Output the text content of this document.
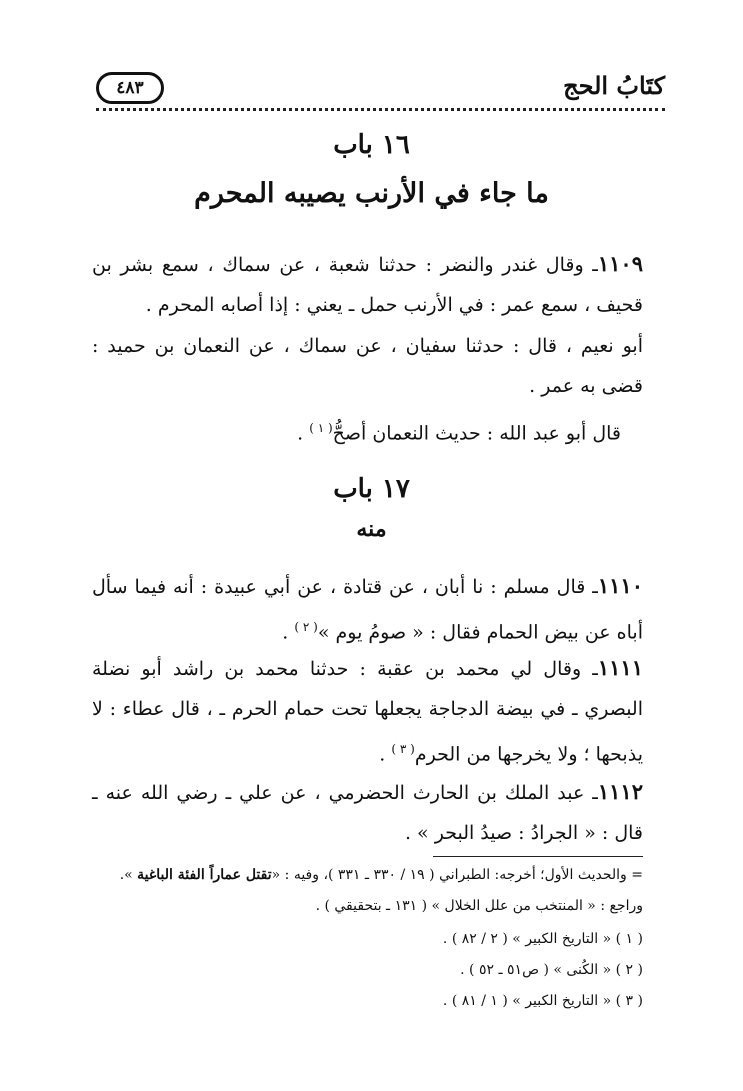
كتَابُ الحج
٤٨٣
١٦ باب
ما جاء في الأرنب يصيبه المحرم
١١٠٩ـ وقال غندر والنضر : حدثنا شعبة ، عن سماك ، سمع بشر بن قحيف ، سمع عمر : في الأرنب حمل ـ يعني : إذا أصابه المحرم .
أبو نعيم ، قال : حدثنا سفيان ، عن سماك ، عن النعمان بن حميد : قضى به عمر .
قال أبو عبد الله : حديث النعمان أصحُّ$^{( ١ )}$ .
١٧ باب
منه
١١١٠ـ قال مسلم : نا أبان ، عن قتادة ، عن أبي عبيدة : أنه فيما سأل أباه عن بيض الحمام فقال : « صومُ يوم »$^{( ٢ )}$ .
١١١١ـ وقال لي محمد بن عقبة : حدثنا محمد بن راشد أبو نضلة البصري ـ في بيضة الدجاجة يجعلها تحت حمام الحرم ـ ، قال عطاء : لا يذبحها ؛ ولا يخرجها من الحرم$^{( ٣ )}$ .
١١١٢ـ عبد الملك بن الحارث الحضرمي ، عن علي ـ رضي الله عنه ـ قال : « الجرادُ : صيدُ البحر » .
= والحديث الأول؛ أخرجه: الطبراني ( ١٩ / ٣٣٠ ـ ٣٣١ )، وفيه : «تقتل عماراً الفئة الباغية ».
وراجع : « المنتخب من علل الخلال » ( ١٣١ ـ بتحقيقي ) .
( ١ ) « التاريخ الكبير » ( ٢ / ٨٢ ) .
( ٢ ) « الكُنى » ( ص٥١ ـ ٥٢ ) .
( ٣ ) « التاريخ الكبير » ( ١ / ٨١ ) .
